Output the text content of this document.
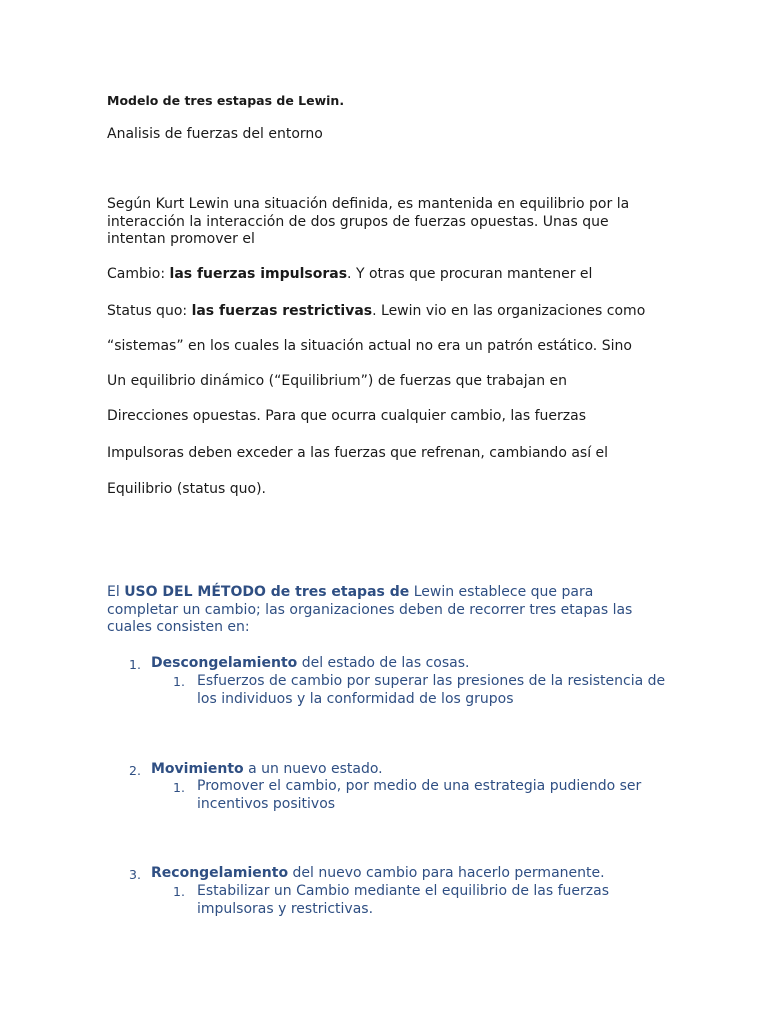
Modelo de tres estapas de Lewin.
Analisis de fuerzas del entorno
Según Kurt Lewin una situación definida, es mantenida en equilibrio por la interacción la interacción de dos grupos de fuerzas opuestas. Unas que intentan promover el
Cambio: las fuerzas impulsoras. Y otras que procuran mantener el
Status quo: las fuerzas restrictivas. Lewin vio en las organizaciones como
“sistemas” en los cuales la situación actual no era un patrón estático. Sino
Un equilibrio dinámico (“Equilibrium”) de fuerzas que trabajan en
Direcciones opuestas. Para que ocurra cualquier cambio, las fuerzas
Impulsoras deben exceder a las fuerzas que refrenan, cambiando así el
Equilibrio (status quo).
El USO DEL MÉTODO de tres etapas de Lewin establece que para completar un cambio; las organizaciones deben de recorrer tres etapas las cuales consisten en:
1. Descongelamiento del estado de las cosas.
1. Esfuerzos de cambio por superar las presiones de la resistencia de los individuos y la conformidad de los grupos
2. Movimiento a un nuevo estado.
1. Promover el cambio, por medio de una estrategia pudiendo ser incentivos positivos
3. Recongelamiento del nuevo cambio para hacerlo permanente.
1. Estabilizar un Cambio mediante el equilibrio de las fuerzas impulsoras y restrictivas.
